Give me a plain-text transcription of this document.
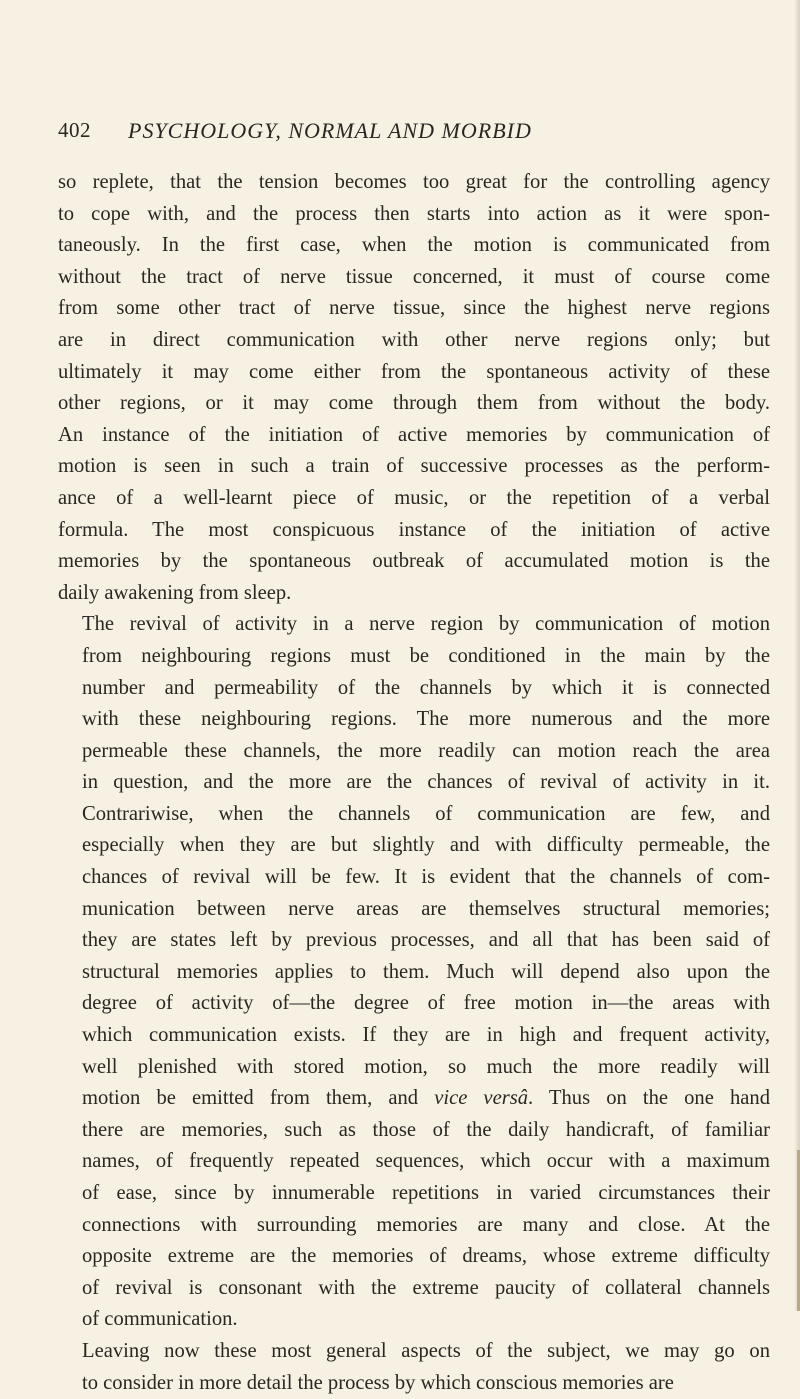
402 PSYCHOLOGY, NORMAL AND MORBID
so replete, that the tension becomes too great for the controlling agency
to cope with, and the process then starts into action as it were spon-
taneously. In the first case, when the motion is communicated from
without the tract of nerve tissue concerned, it must of course come
from some other tract of nerve tissue, since the highest nerve regions
are in direct communication with other nerve regions only; but
ultimately it may come either from the spontaneous activity of these
other regions, or it may come through them from without the body.
An instance of the initiation of active memories by communication of
motion is seen in such a train of successive processes as the perform-
ance of a well-learnt piece of music, or the repetition of a verbal
formula. The most conspicuous instance of the initiation of active
memories by the spontaneous outbreak of accumulated motion is the
daily awakening from sleep.
The revival of activity in a nerve region by communication of motion
from neighbouring regions must be conditioned in the main by the
number and permeability of the channels by which it is connected
with these neighbouring regions. The more numerous and the more
permeable these channels, the more readily can motion reach the area
in question, and the more are the chances of revival of activity in it.
Contrariwise, when the channels of communication are few, and
especially when they are but slightly and with difficulty permeable, the
chances of revival will be few. It is evident that the channels of com-
munication between nerve areas are themselves structural memories;
they are states left by previous processes, and all that has been said of
structural memories applies to them. Much will depend also upon the
degree of activity of—the degree of free motion in—the areas with
which communication exists. If they are in high and frequent activity,
well plenished with stored motion, so much the more readily will
motion be emitted from them, and vice versâ. Thus on the one hand
there are memories, such as those of the daily handicraft, of familiar
names, of frequently repeated sequences, which occur with a maximum
of ease, since by innumerable repetitions in varied circumstances their
connections with surrounding memories are many and close. At the
opposite extreme are the memories of dreams, whose extreme difficulty
of revival is consonant with the extreme paucity of collateral channels
of communication.
Leaving now these most general aspects of the subject, we may go on
to consider in more detail the process by which conscious memories are
